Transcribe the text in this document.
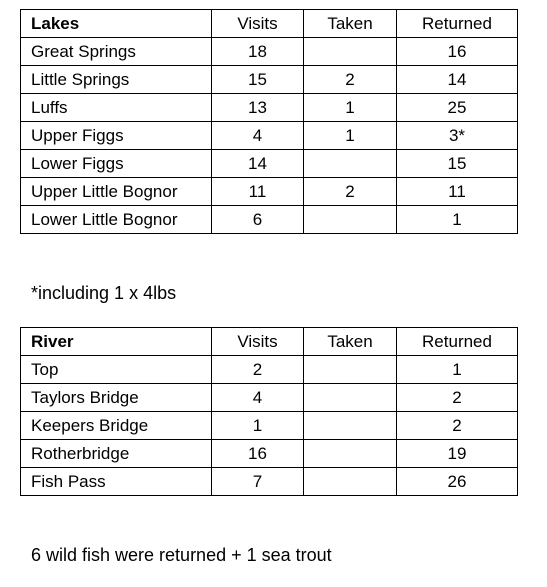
Lakes	Visits	Taken	Returned
Great Springs	18		16
Little Springs	15	2	14
Luffs	13	1	25
Upper Figgs	4	1	3*
Lower Figgs	14		15
Upper Little Bognor	11	2	11
Lower Little Bognor	6		1
*including 1 x 4lbs
River	Visits	Taken	Returned
Top	2		1
Taylors Bridge	4		2
Keepers Bridge	1		2
Rotherbridge	16		19
Fish Pass	7		26
6 wild fish were returned + 1 sea trout
